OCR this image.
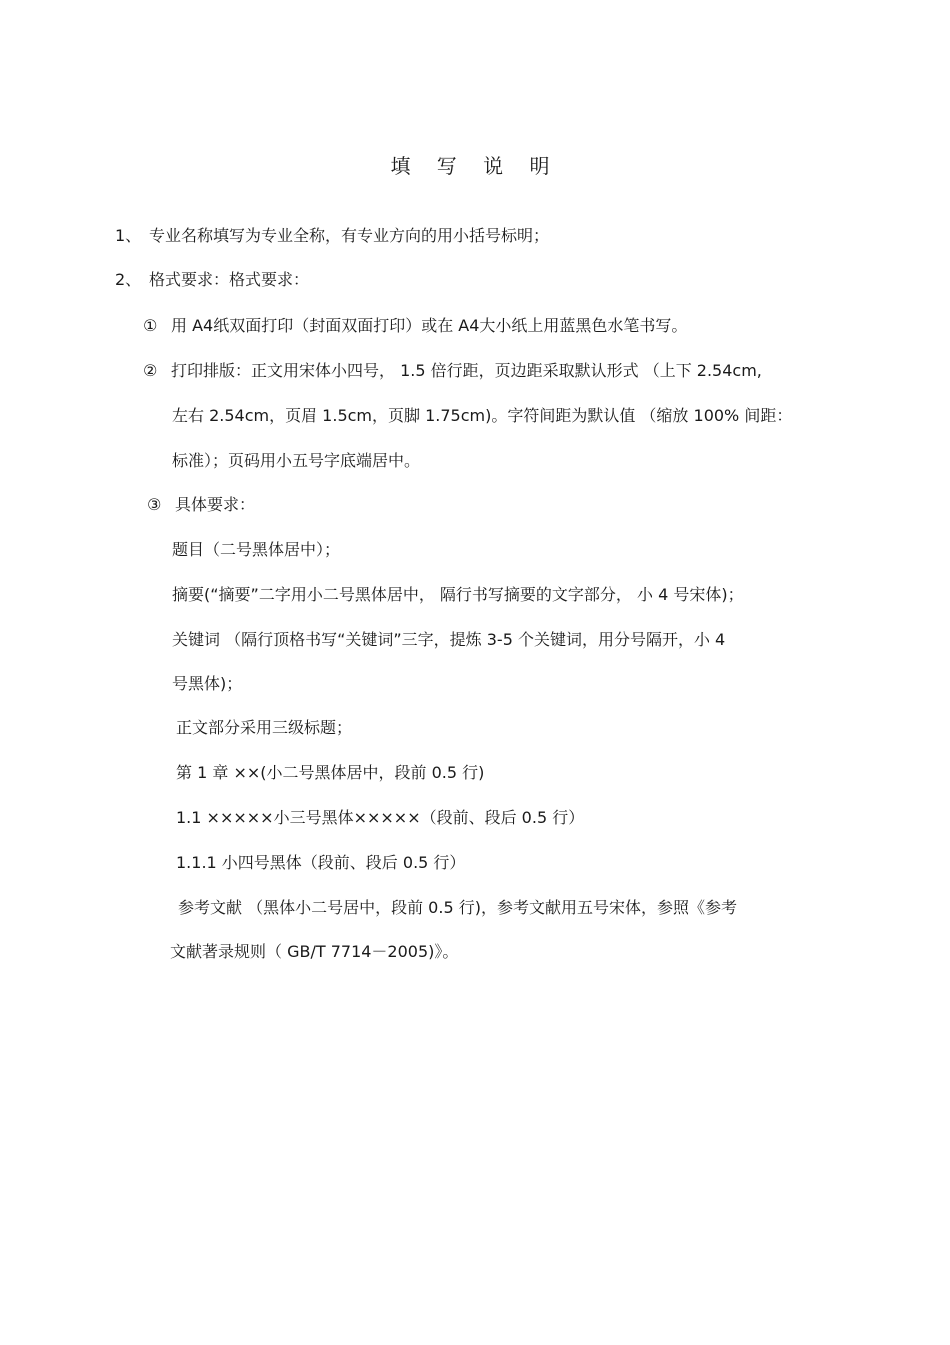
填 写 说 明
1、 专业名称填写为专业全称，有专业方向的用小括号标明；
2、 格式要求：格式要求：
① 用 A4纸双面打印（封面双面打印）或在 A4大小纸上用蓝黑色水笔书写。
② 打印排版：正文用宋体小四号， 1.5 倍行距，页边距采取默认形式 （上下 2.54cm,
左右 2.54cm，页眉 1.5cm，页脚 1.75cm)。字符间距为默认值 （缩放 100% 间距：
标准）；页码用小五号字底端居中。
③ 具体要求：
题目（二号黑体居中）；
摘要(“摘要”二字用小二号黑体居中， 隔行书写摘要的文字部分， 小 4 号宋体)；
关键词 （隔行顶格书写“关键词”三字，提炼 3-5 个关键词，用分号隔开，小 4
号黑体)；
正文部分采用三级标题；
第 1 章 ××(小二号黑体居中，段前 0.5 行)
1.1 ×××××小三号黑体×××××（段前、段后 0.5 行）
1.1.1 小四号黑体（段前、段后 0.5 行）
参考文献 （黑体小二号居中，段前 0.5 行)，参考文献用五号宋体，参照《参考
文献著录规则（ GB/T 7714－2005)》。
